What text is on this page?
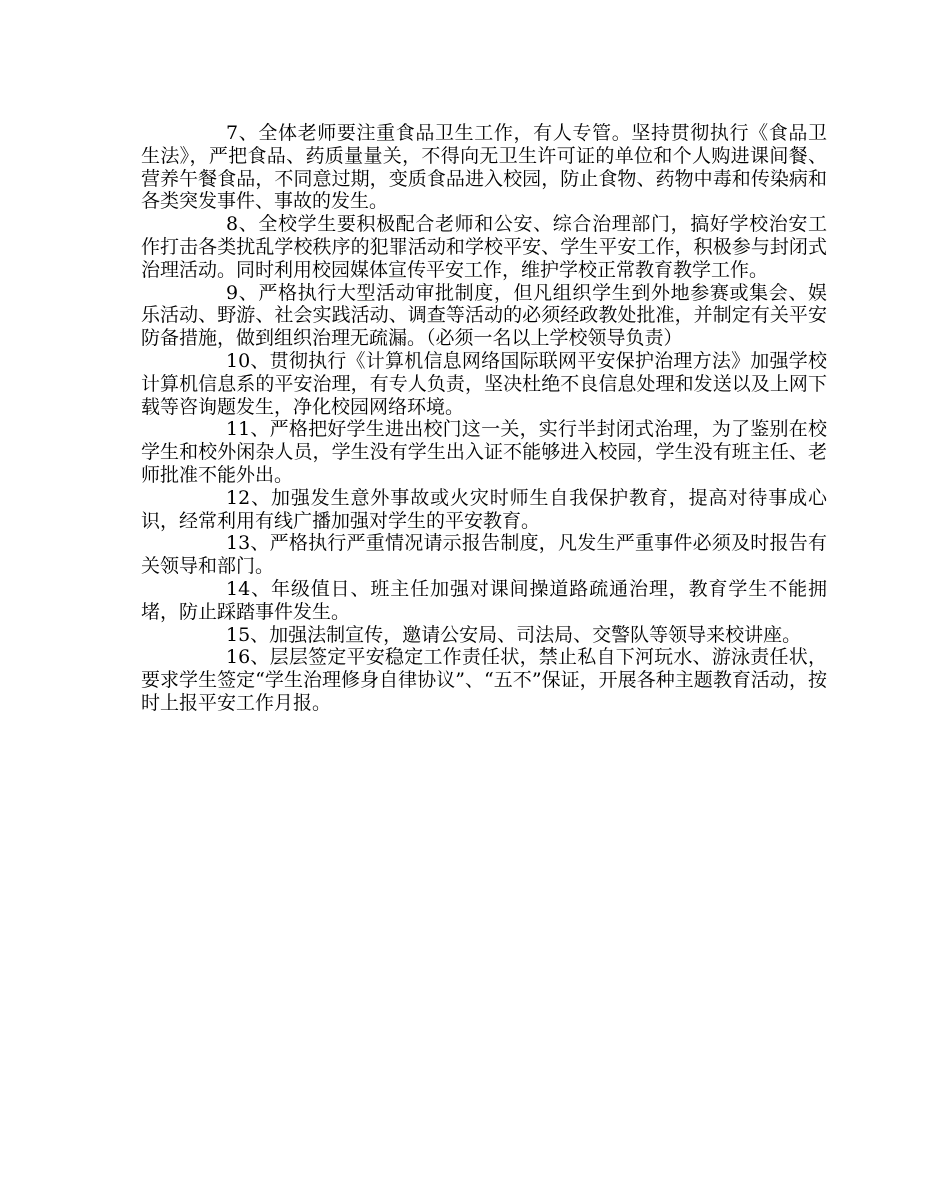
7、全体老师要注重食品卫生工作，有人专管。坚持贯彻执行《食品卫生法》，严把食品、药质量量关，不得向无卫生许可证的单位和个人购进课间餐、营养午餐食品，不同意过期，变质食品进入校园，防止食物、药物中毒和传染病和各类突发事件、事故的发生。

8、全校学生要积极配合老师和公安、综合治理部门，搞好学校治安工作打击各类扰乱学校秩序的犯罪活动和学校平安、学生平安工作，积极参与封闭式治理活动。同时利用校园媒体宣传平安工作，维护学校正常教育教学工作。

9、严格执行大型活动审批制度，但凡组织学生到外地参赛或集会、娱乐活动、野游、社会实践活动、调查等活动的必须经政教处批准，并制定有关平安防备措施，做到组织治理无疏漏。（必须一名以上学校领导负责）

10、贯彻执行《计算机信息网络国际联网平安保护治理方法》加强学校计算机信息系的平安治理，有专人负责，坚决杜绝不良信息处理和发送以及上网下载等咨询题发生，净化校园网络环境。

11、严格把好学生进出校门这一关，实行半封闭式治理，为了鉴别在校学生和校外闲杂人员，学生没有学生出入证不能够进入校园，学生没有班主任、老师批准不能外出。

12、加强发生意外事故或火灾时师生自我保护教育，提高对待事成心识，经常利用有线广播加强对学生的平安教育。

13、严格执行严重情况请示报告制度，凡发生严重事件必须及时报告有关领导和部门。

14、年级值日、班主任加强对课间操道路疏通治理，教育学生不能拥堵，防止踩踏事件发生。

15、加强法制宣传，邀请公安局、司法局、交警队等领导来校讲座。

16、层层签定平安稳定工作责任状，禁止私自下河玩水、游泳责任状，要求学生签定“学生治理修身自律协议”、“五不”保证，开展各种主题教育活动，按时上报平安工作月报。
